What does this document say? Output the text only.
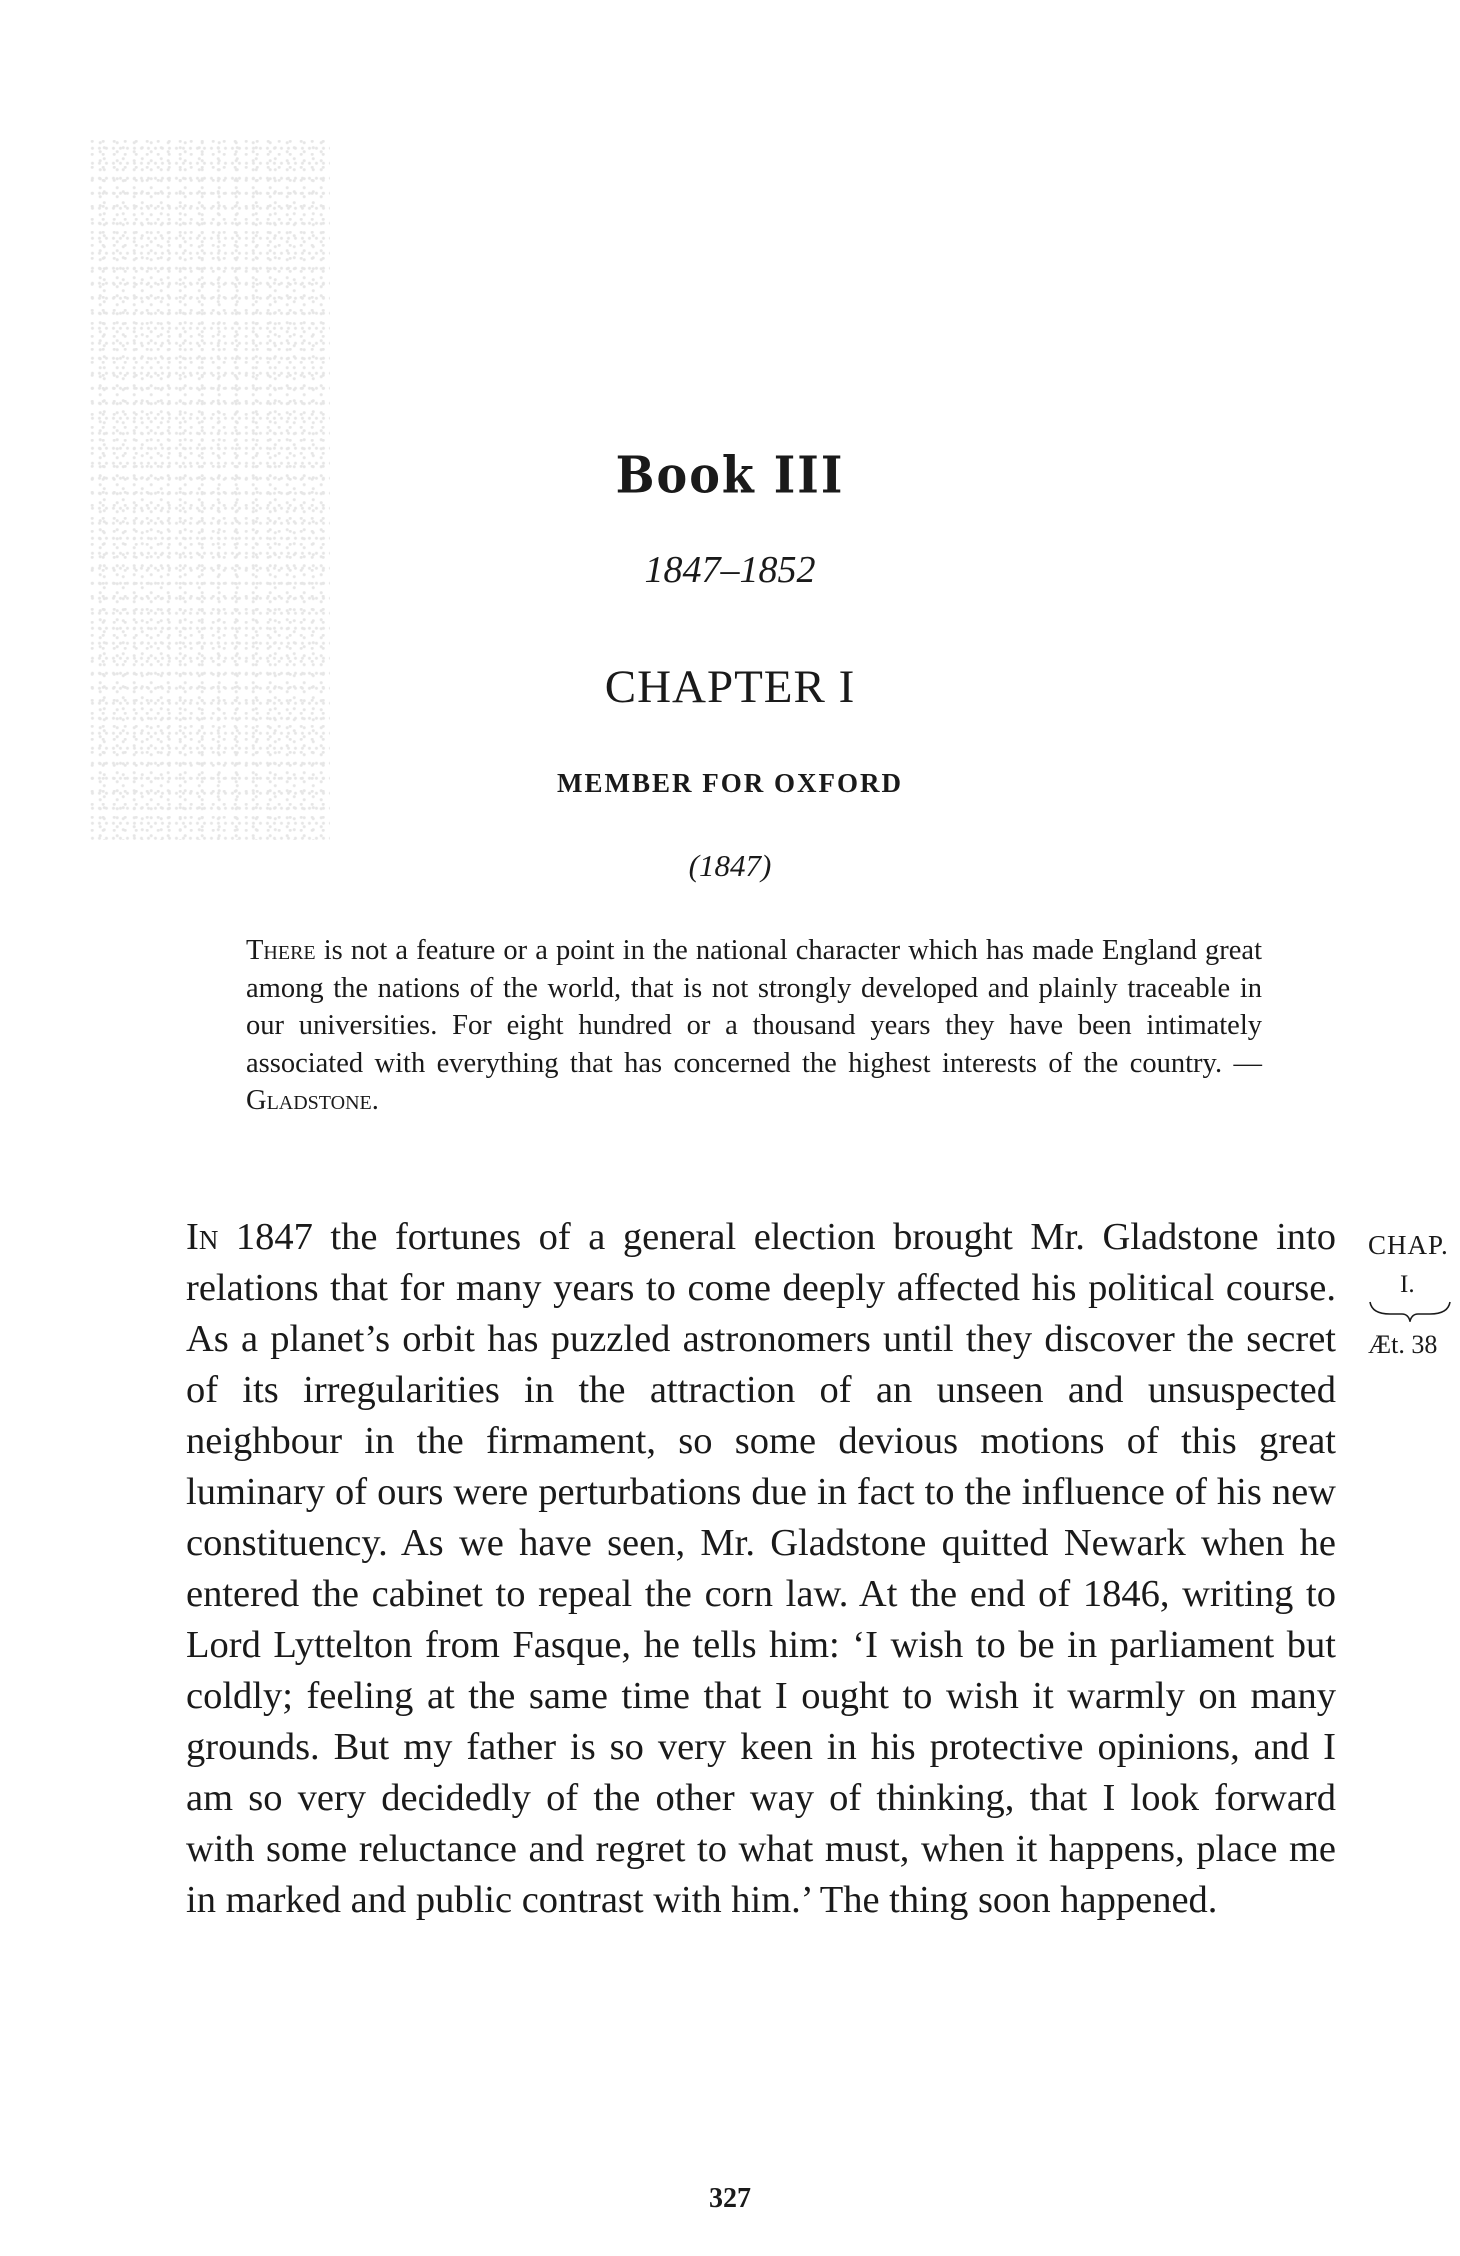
Book III
1847–1852
CHAPTER I
MEMBER FOR OXFORD
(1847)

There is not a feature or a point in the national character which has made England great among the nations of the world, that is not strongly developed and plainly traceable in our universities. For eight hundred or a thousand years they have been intimately associated with everything that has concerned the highest interests of the country. — Gladstone.

In 1847 the fortunes of a general election brought Mr. Gladstone into relations that for many years to come deeply affected his political course. As a planet’s orbit has puzzled astronomers until they discover the secret of its irregularities in the attraction of an unseen and unsuspected neighbour in the firmament, so some devious motions of this great luminary of ours were perturbations due in fact to the influence of his new constituency. As we have seen, Mr. Gladstone quitted Newark when he entered the cabinet to repeal the corn law. At the end of 1846, writing to Lord Lyttelton from Fasque, he tells him: ‘I wish to be in parliament but coldly; feeling at the same time that I ought to wish it warmly on many grounds. But my father is so very keen in his protective opinions, and I am so very decidedly of the other way of thinking, that I look forward with some reluctance and regret to what must, when it happens, place me in marked and public contrast with him.’ The thing soon happened.

CHAP.
I.
Æt. 38
327
